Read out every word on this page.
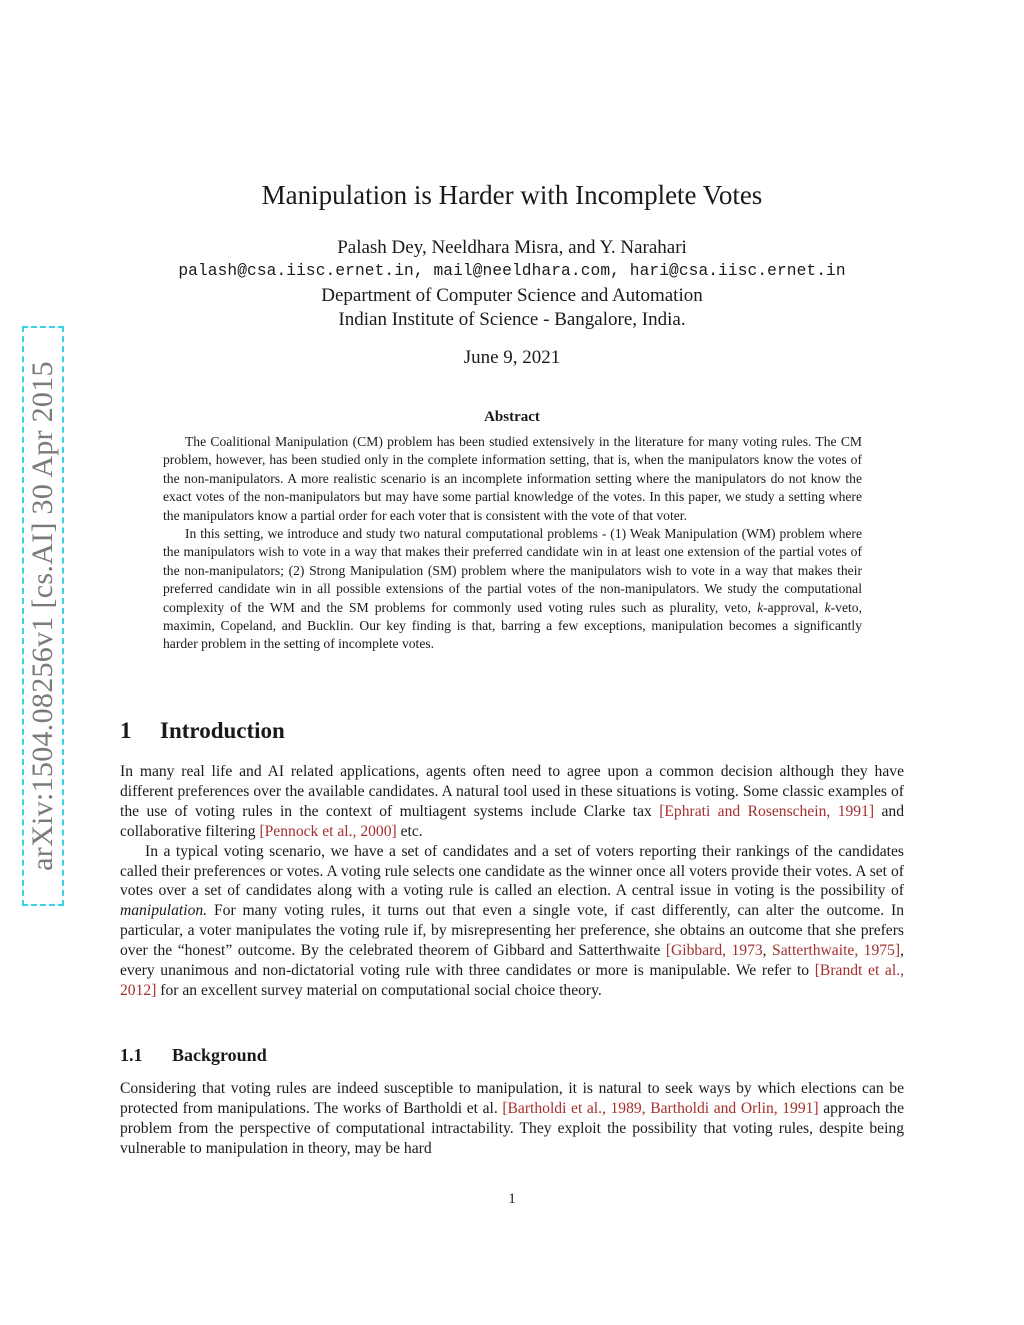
arXiv:1504.08256v1 [cs.AI] 30 Apr 2015
Manipulation is Harder with Incomplete Votes
Palash Dey, Neeldhara Misra, and Y. Narahari
palash@csa.iisc.ernet.in, mail@neeldhara.com, hari@csa.iisc.ernet.in
Department of Computer Science and Automation
Indian Institute of Science - Bangalore, India.
June 9, 2021
Abstract

The Coalitional Manipulation (CM) problem has been studied extensively in the literature for many voting rules. The CM problem, however, has been studied only in the complete information setting, that is, when the manipulators know the votes of the non-manipulators. A more realistic scenario is an incomplete information setting where the manipulators do not know the exact votes of the non-manipulators but may have some partial knowledge of the votes. In this paper, we study a setting where the manipulators know a partial order for each voter that is consistent with the vote of that voter.

In this setting, we introduce and study two natural computational problems - (1) Weak Manipulation (WM) problem where the manipulators wish to vote in a way that makes their preferred candidate win in at least one extension of the partial votes of the non-manipulators; (2) Strong Manipulation (SM) problem where the manipulators wish to vote in a way that makes their preferred candidate win in all possible extensions of the partial votes of the non-manipulators. We study the computational complexity of the WM and the SM problems for commonly used voting rules such as plurality, veto, k-approval, k-veto, maximin, Copeland, and Bucklin. Our key finding is that, barring a few exceptions, manipulation becomes a significantly harder problem in the setting of incomplete votes.

1 Introduction

In many real life and AI related applications, agents often need to agree upon a common decision although they have different preferences over the available candidates. A natural tool used in these situations is voting. Some classic examples of the use of voting rules in the context of multiagent systems include Clarke tax [Ephrati and Rosenschein, 1991] and collaborative filtering [Pennock et al., 2000] etc.

In a typical voting scenario, we have a set of candidates and a set of voters reporting their rankings of the candidates called their preferences or votes. A voting rule selects one candidate as the winner once all voters provide their votes. A set of votes over a set of candidates along with a voting rule is called an election. A central issue in voting is the possibility of manipulation. For many voting rules, it turns out that even a single vote, if cast differently, can alter the outcome. In particular, a voter manipulates the voting rule if, by misrepresenting her preference, she obtains an outcome that she prefers over the “honest” outcome. By the celebrated theorem of Gibbard and Satterthwaite [Gibbard, 1973, Satterthwaite, 1975], every unanimous and non-dictatorial voting rule with three candidates or more is manipulable. We refer to [Brandt et al., 2012] for an excellent survey material on computational social choice theory.

1.1 Background

Considering that voting rules are indeed susceptible to manipulation, it is natural to seek ways by which elections can be protected from manipulations. The works of Bartholdi et al. [Bartholdi et al., 1989, Bartholdi and Orlin, 1991] approach the problem from the perspective of computational intractability. They exploit the possibility that voting rules, despite being vulnerable to manipulation in theory, may be hard

1
